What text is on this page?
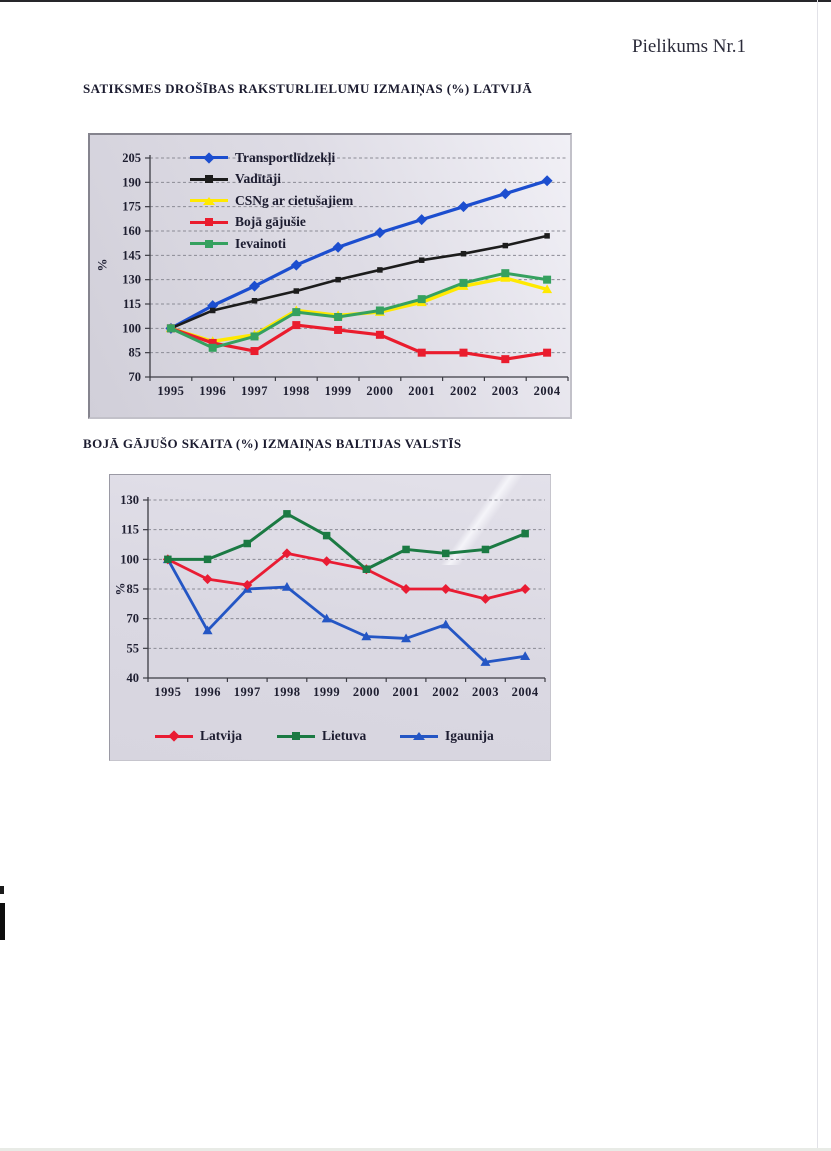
Pielikums Nr.1
SATIKSMES DROŠĪBAS RAKSTURLIELUMU IZMAIŅAS (%) LATVIJĀ
%
70
85
100
115
130
145
160
175
190
205
1995 1996 1997 1998 1999 2000 2001 2002 2003 2004
Transportlīdzekļi
Vadītāji
CSNg ar cietušajiem
Bojā gājušie
Ievainoti
BOJĀ GĀJUŠO SKAITA (%) IZMAIŅAS BALTIJAS VALSTĪS
%
40
55
70
85
100
115
130
1995 1996 1997 1998 1999 2000 2001 2002 2003 2004
Latvija	Lietuva	Igaunija
